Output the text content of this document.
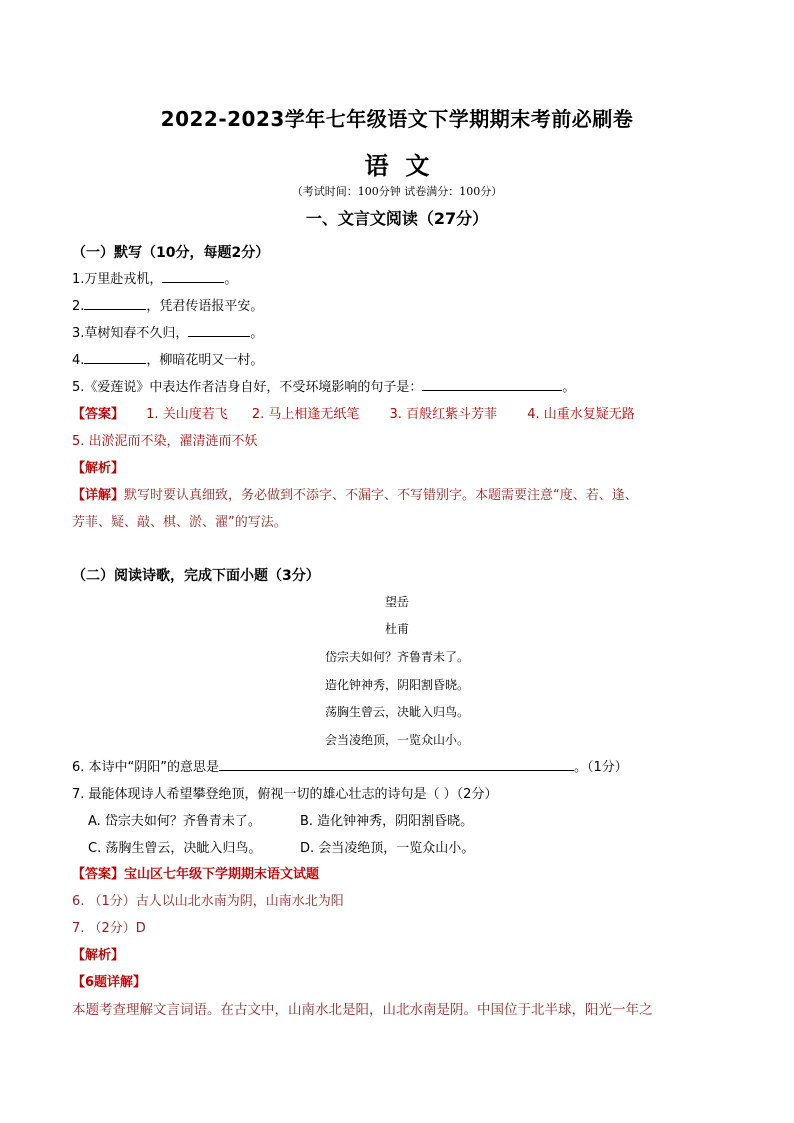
2022-2023学年七年级语文下学期期末考前必刷卷
语  文
（考试时间：100分钟 试卷满分：100分）
一、文言文阅读（27分）
（一）默写（10分，每题2分）
1.万里赴戎机，	。
2.	，凭君传语报平安。
3.草树知春不久归，	。
4.	，柳暗花明又一村。
5.《爱莲说》中表达作者洁身自好，不受环境影响的句子是：	。
【答案】 1. 关山度若飞 2. 马上相逢无纸笔 3. 百般红紫斗芳菲 4. 山重水复疑无路
5. 出淤泥而不染，濯清涟而不妖
【解析】
【详解】默写时要认真细致，务必做到不添字、不漏字、不写错别字。本题需要注意“度、若、逢、
芳菲、疑、敲、棋、淤、濯”的写法。
（二）阅读诗歌，完成下面小题（3分）
望岳
杜甫
岱宗夫如何？齐鲁青未了。
造化钟神秀，阴阳割昏晓。
荡胸生曾云，决眦入归鸟。
会当凌绝顶，一览众山小。
6. 本诗中“阴阳”的意思是	。（1分）
7. 最能体现诗人希望攀登绝顶，俯视一切的雄心壮志的诗句是（ ）（2分）
A. 岱宗夫如何？齐鲁青未了。	B. 造化钟神秀，阴阳割昏晓。
C. 荡胸生曾云，决眦入归鸟。	D. 会当凌绝顶，一览众山小。
【答案】宝山区七年级下学期期末语文试题
6. （1分）古人以山北水南为阴，山南水北为阳
7. （2分）D
【解析】
【6题详解】
本题考查理解文言词语。在古文中，山南水北是阳，山北水南是阴。中国位于北半球，阳光一年之
